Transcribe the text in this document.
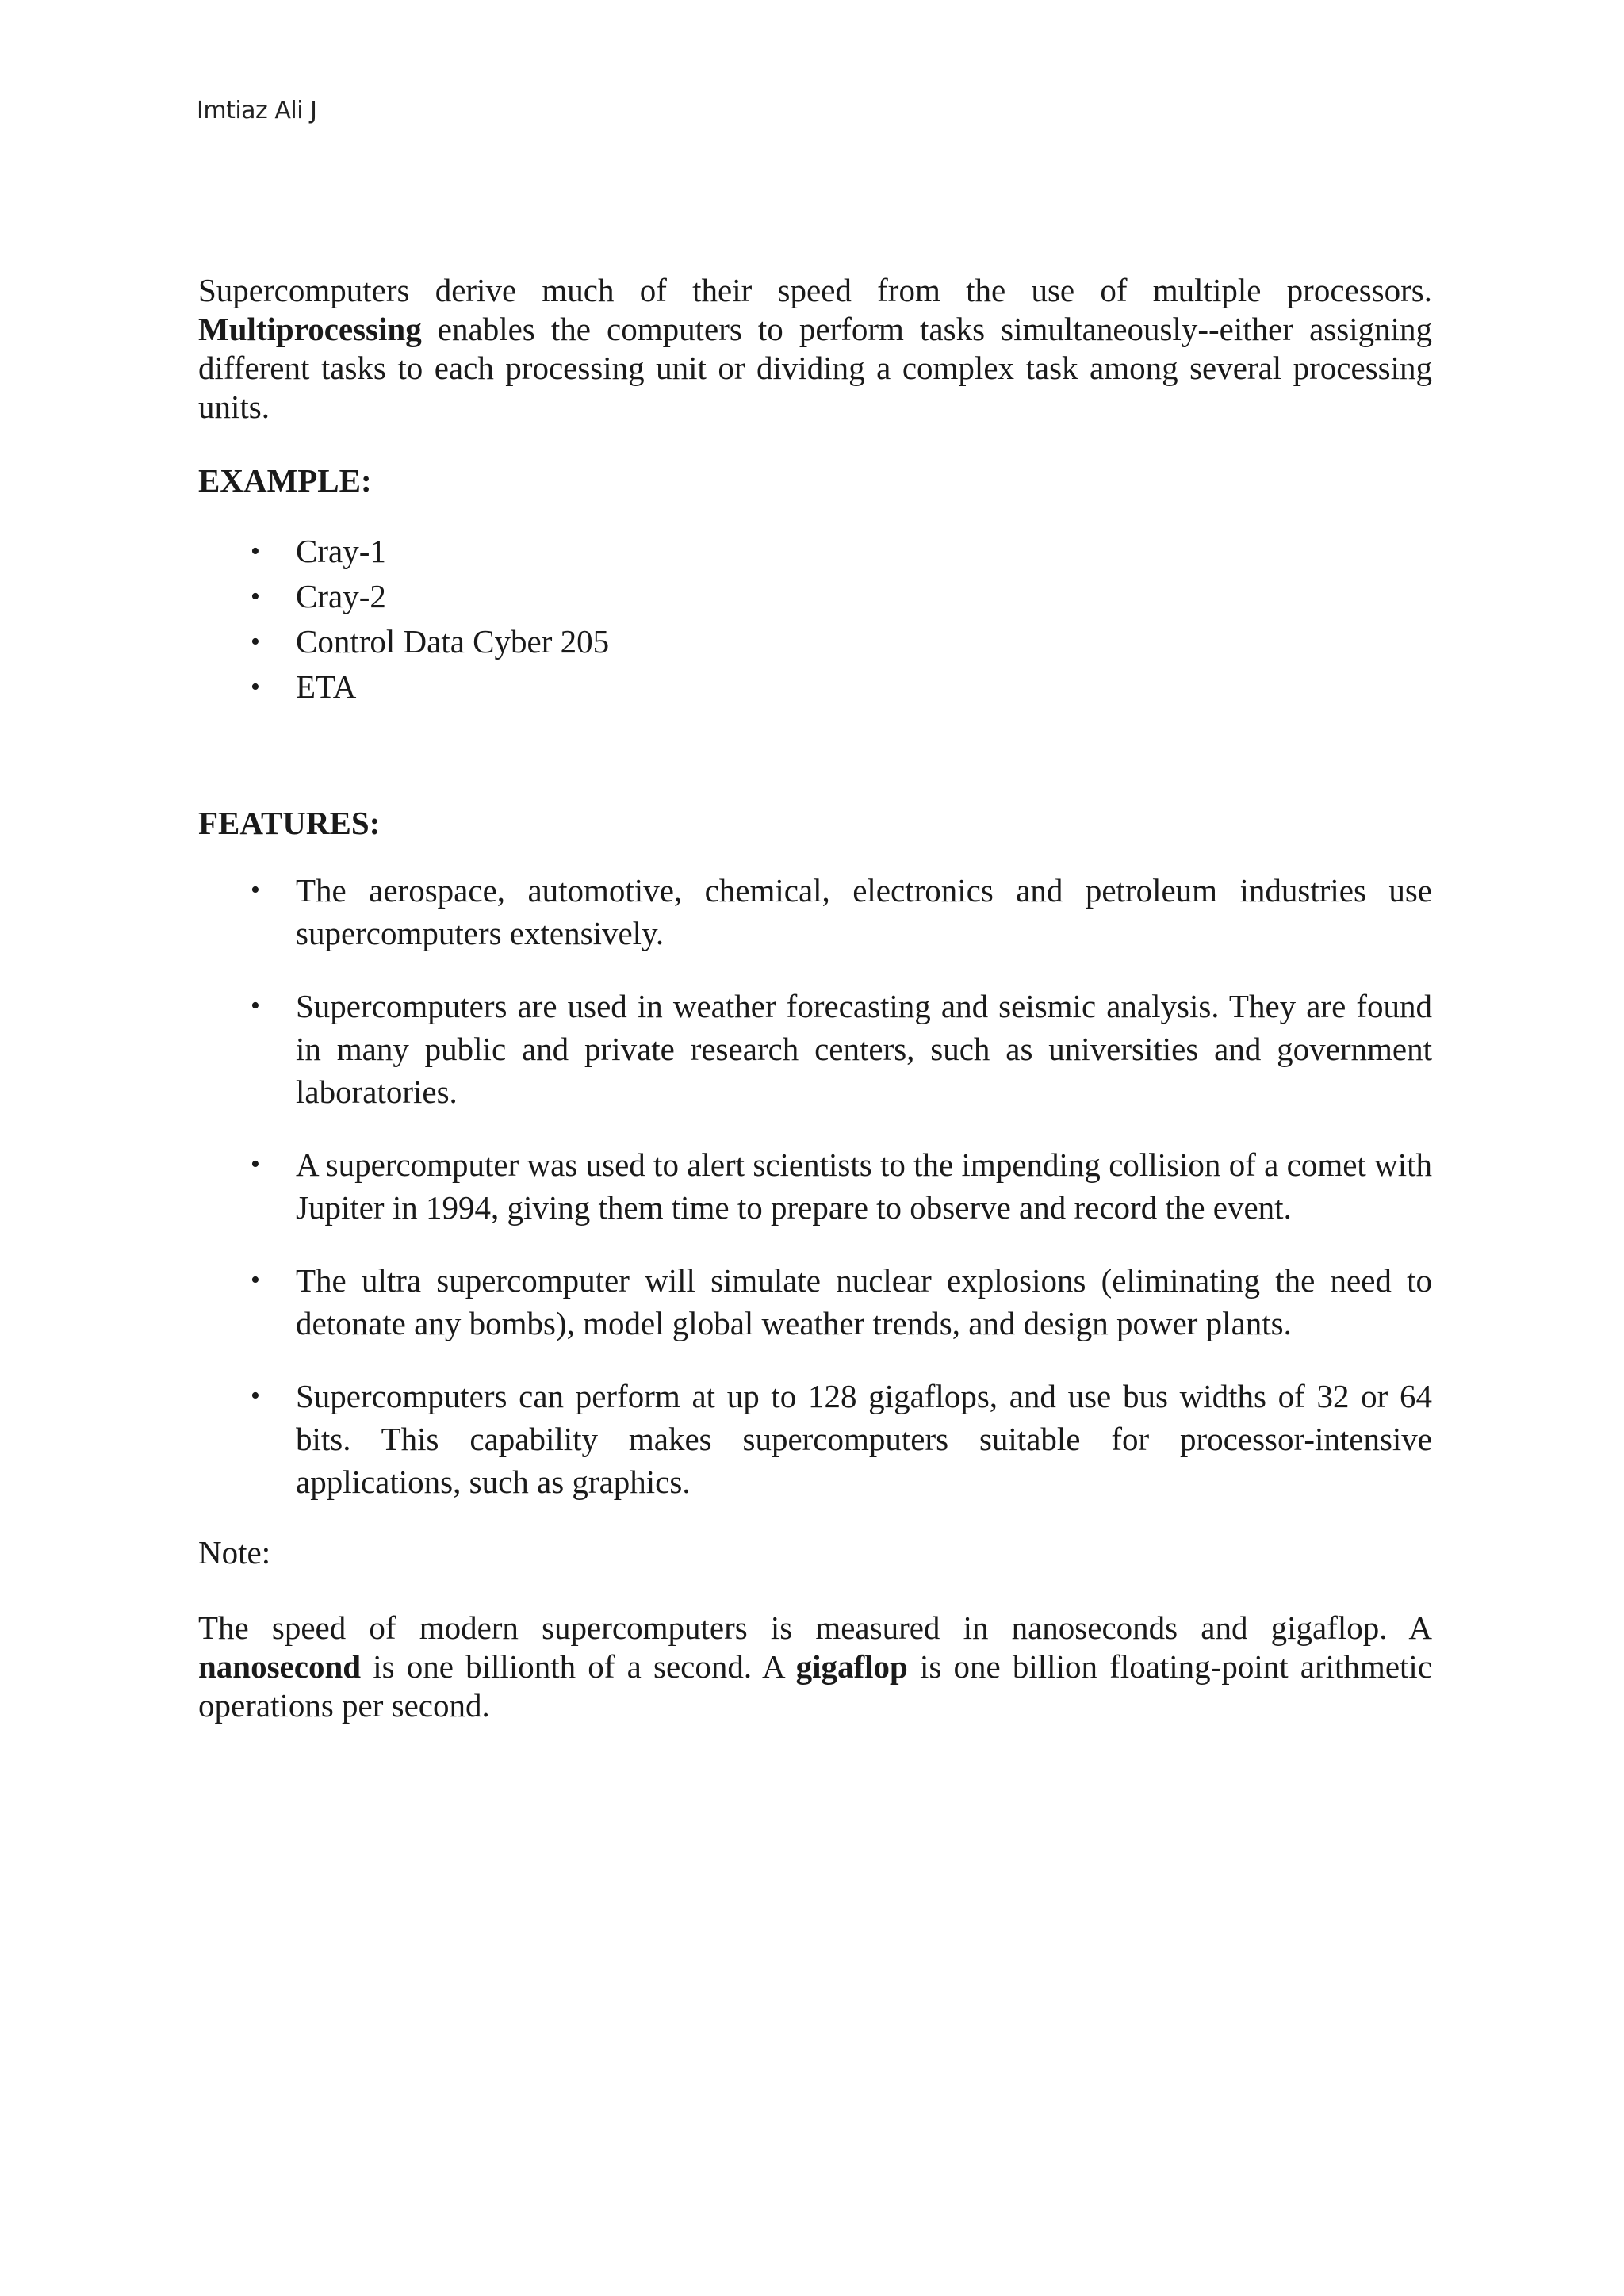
Imtiaz Ali J

Supercomputers derive much of their speed from the use of multiple processors. Multiprocessing enables the computers to perform tasks simultaneously--either assigning different tasks to each processing unit or dividing a complex task among several processing units.

EXAMPLE:

• Cray-1
• Cray-2
• Control Data Cyber 205
• ETA

FEATURES:

• The aerospace, automotive, chemical, electronics and petroleum industries use supercomputers extensively.
• Supercomputers are used in weather forecasting and seismic analysis. They are found in many public and private research centers, such as universities and government laboratories.
• A supercomputer was used to alert scientists to the impending collision of a comet with Jupiter in 1994, giving them time to prepare to observe and record the event.
• The ultra supercomputer will simulate nuclear explosions (eliminating the need to detonate any bombs), model global weather trends, and design power plants.
• Supercomputers can perform at up to 128 gigaflops, and use bus widths of 32 or 64 bits. This capability makes supercomputers suitable for processor-intensive applications, such as graphics.

Note:

The speed of modern supercomputers is measured in nanoseconds and gigaflop. A nanosecond is one billionth of a second. A gigaflop is one billion floating-point arithmetic operations per second.
